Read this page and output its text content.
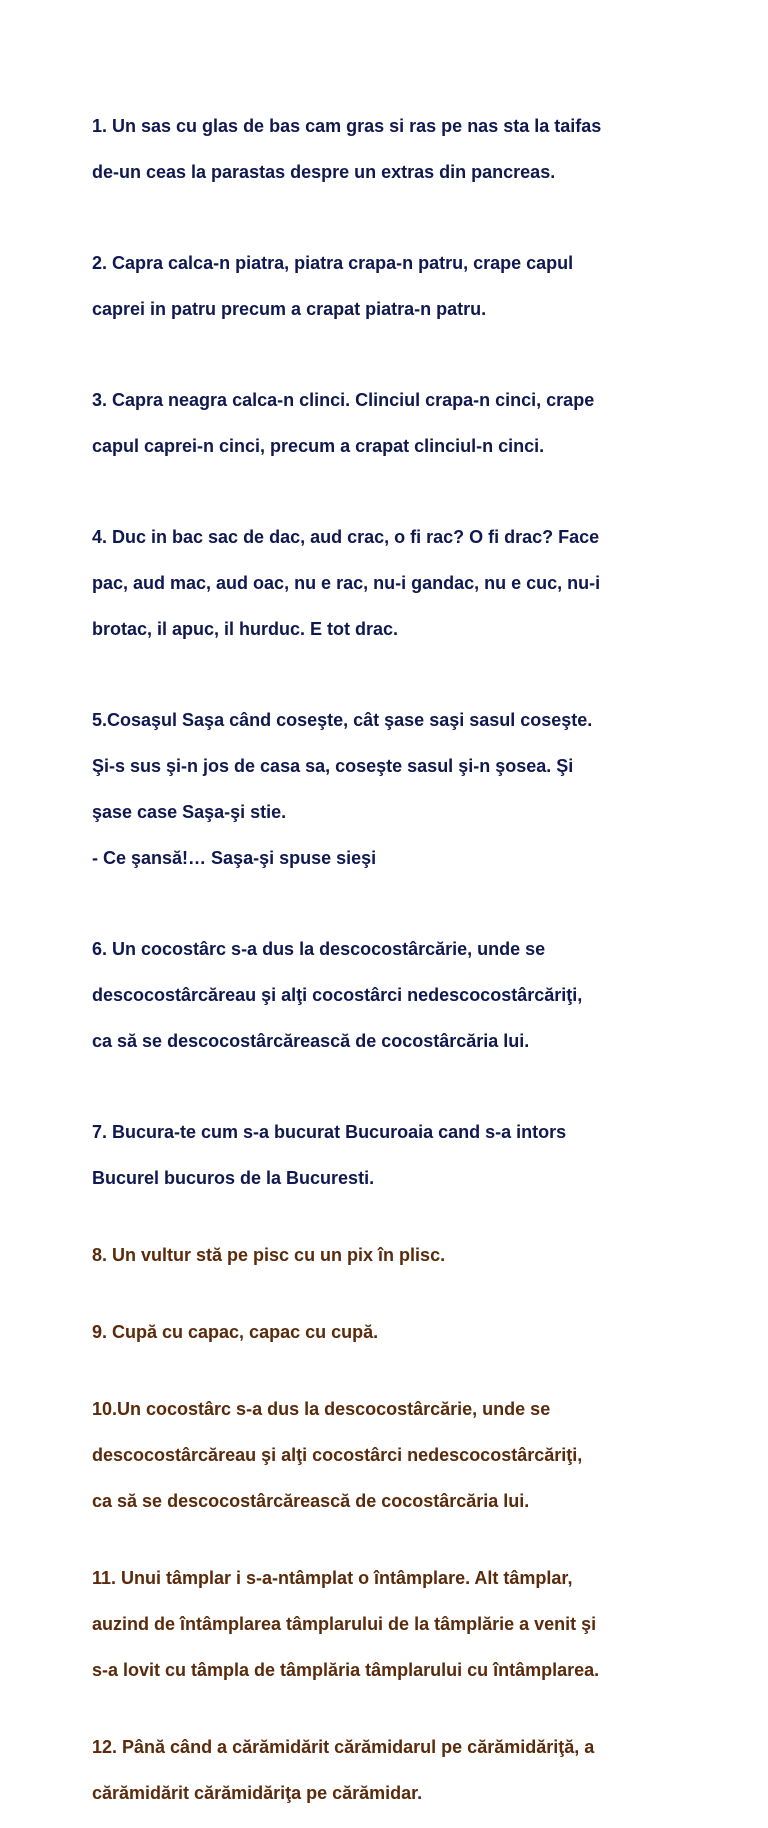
1. Un sas cu glas de bas cam gras si ras pe nas sta la taifas

de-un ceas la parastas despre un extras din pancreas.

2. Capra calca-n piatra, piatra crapa-n patru, crape capul

caprei in patru precum a crapat piatra-n patru.

3. Capra neagra calca-n clinci. Clinciul crapa-n cinci, crape

capul caprei-n cinci, precum a crapat clinciul-n cinci.

4. Duc in bac sac de dac, aud crac, o fi rac? O fi drac? Face

pac, aud mac, aud oac, nu e rac, nu-i gandac, nu e cuc, nu-i

brotac, il apuc, il hurduc. E tot drac.

5.Cosaşul Saşa când coseşte, cât şase saşi sasul coseşte.

Şi-s sus şi-n jos de casa sa, coseşte sasul şi-n şosea. Şi

şase case Saşa-şi stie.

- Ce şansă!… Saşa-şi spuse sieşi

6. Un cocostârc s-a dus la descocostârcărie, unde se

descocostârcăreau şi alţi cocostârci nedescocostârcăriţi,

ca să se descocostârcărească de cocostârcăria lui.

7. Bucura-te cum s-a bucurat Bucuroaia cand s-a intors

Bucurel bucuros de la Bucuresti.

8. Un vultur stă pe pisc cu un pix în plisc.

9. Cupă cu capac, capac cu cupă.

10.Un cocostârc s-a dus la descocostârcărie, unde se

descocostârcăreau şi alţi cocostârci nedescocostârcăriţi,

ca să se descocostârcărească de cocostârcăria lui.

11. Unui tâmplar i s-a-ntâmplat o întâmplare. Alt tâmplar,

auzind de întâmplarea tâmplarului de la tâmplărie a venit şi

s-a lovit cu tâmpla de tâmplăria tâmplarului cu întâmplarea.

12. Până când a cărămidărit cărămidarul pe cărămidăriţă, a

cărămidărit cărămidăriţa pe cărămidar.
